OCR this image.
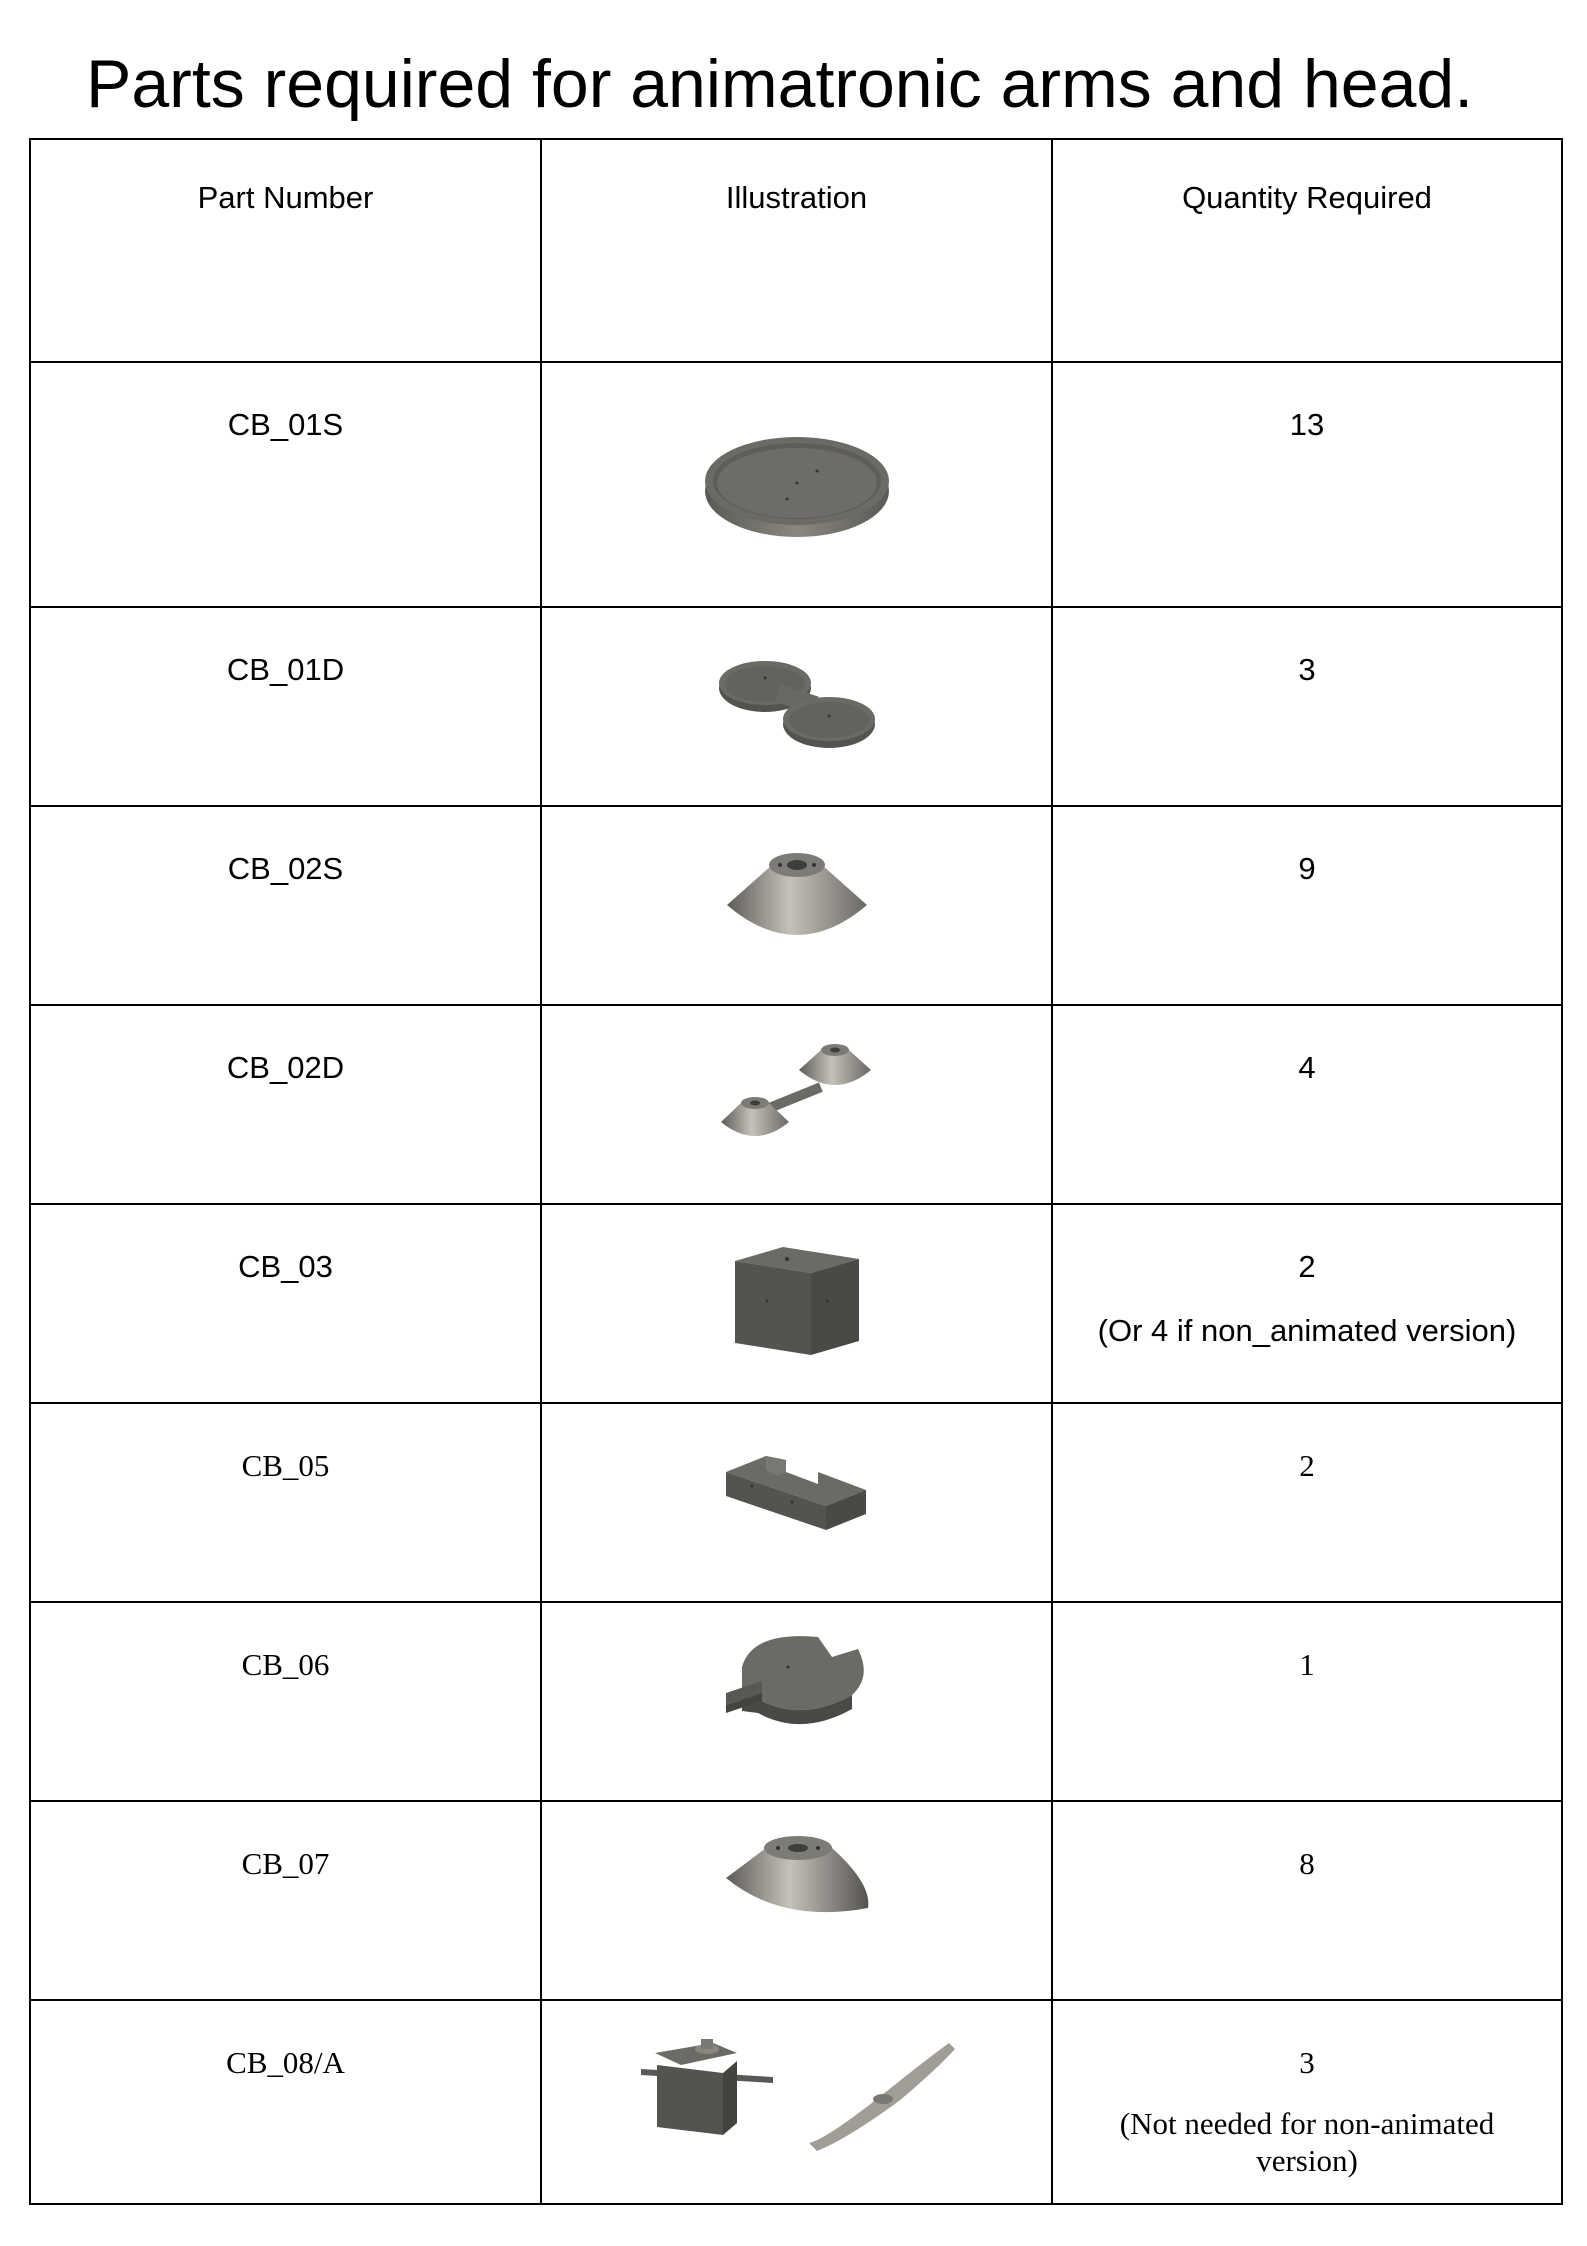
Parts required for animatronic arms and head.
Part Number	Illustration	Quantity Required

CB_01S		13

CB_01D		3

CB_02S		9

CB_02D		4

CB_03		2
(Or 4 if non_animated version)

CB_05		2

CB_06		1

CB_07		8

CB_08/A		3
(Not needed for non-animated version)
